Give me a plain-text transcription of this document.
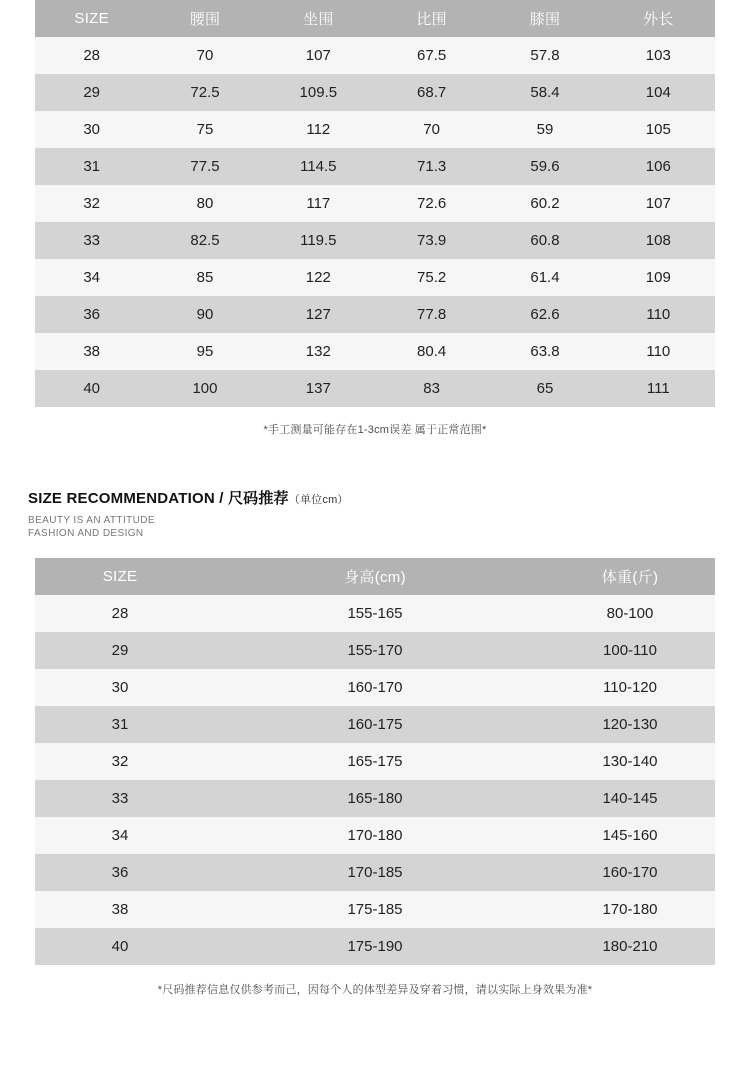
SIZE	腰围	坐围	比围	膝围	外长
28	70	107	67.5	57.8	103
29	72.5	109.5	68.7	58.4	104
30	75	112	70	59	105
31	77.5	114.5	71.3	59.6	106
32	80	117	72.6	60.2	107
33	82.5	119.5	73.9	60.8	108
34	85	122	75.2	61.4	109
36	90	127	77.8	62.6	110
38	95	132	80.4	63.8	110
40	100	137	83	65	111
*手工测量可能存在1-3cm误差 属于正常范围*
SIZE RECOMMENDATION / 尺码推荐（单位cm）
BEAUTY IS AN ATTITUDE
FASHION AND DESIGN
SIZE	身高(cm)	体重(斤)
28	155-165	80-100
29	155-170	100-110
30	160-170	110-120
31	160-175	120-130
32	165-175	130-140
33	165-180	140-145
34	170-180	145-160
36	170-185	160-170
38	175-185	170-180
40	175-190	180-210
*尺码推荐信息仅供参考而己，因每个人的体型差异及穿着习惯，请以实际上身效果为准*
